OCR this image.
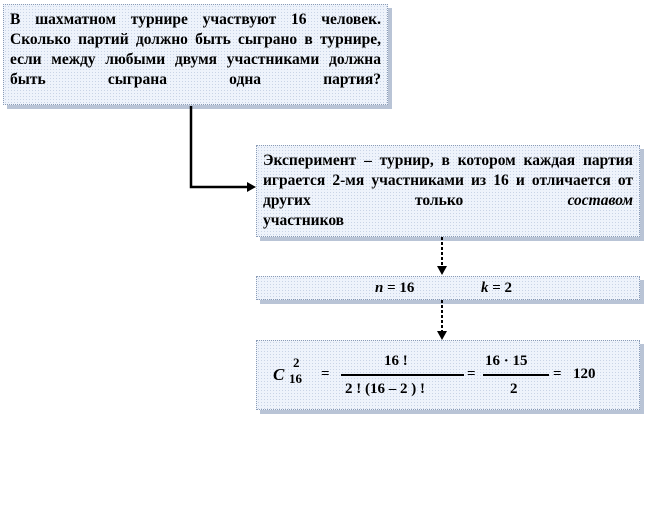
В шахматном турнире участвуют 16 человек. Сколько партий должно быть сыграно в турнире, если между любыми двумя участниками должна быть сыграна одна партия?

Эксперимент – турнир, в котором каждая партия играется 2-мя участниками из 16 и отличается от других только	составом
участников

n = 16	k = 2
C
2
16 =
16 !
2 ! (16 – 2 ) !
=
16 · 15
2
= 120
